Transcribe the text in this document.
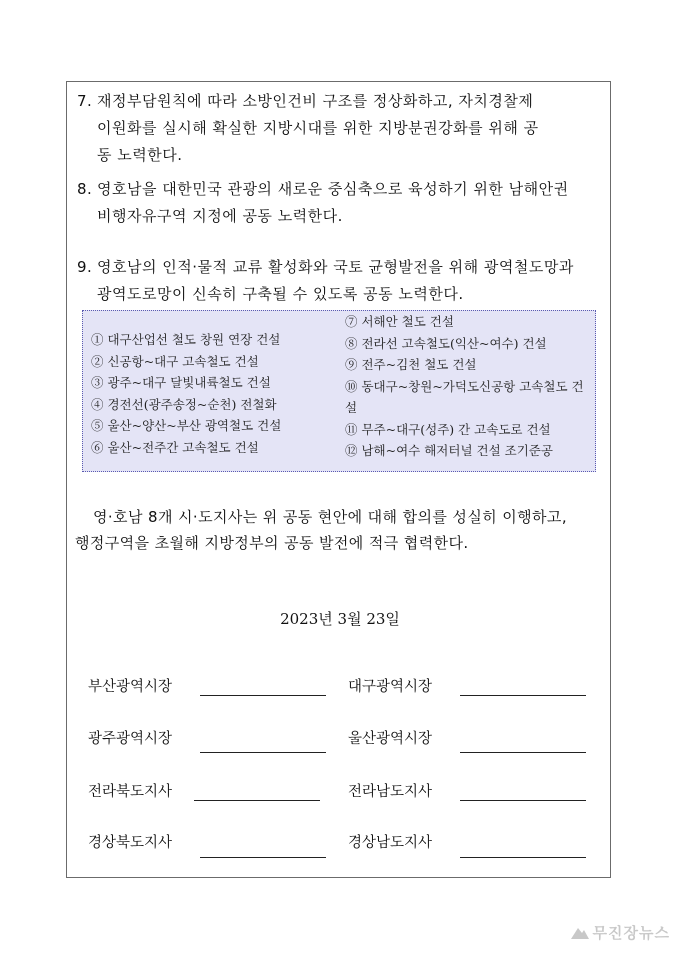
7. 재정부담원칙에 따라 소방인건비 구조를 정상화하고, 자치경찰제
이원화를 실시해 확실한 지방시대를 위한 지방분권강화를 위해 공
동 노력한다.
8. 영호남을 대한민국 관광의 새로운 중심축으로 육성하기 위한 남해안권
비행자유구역 지정에 공동 노력한다.
9. 영호남의 인적·물적 교류 활성화와 국토 균형발전을 위해 광역철도망과
광역도로망이 신속히 구축될 수 있도록 공동 노력한다.
① 대구산업선 철도 창원 연장 건설
② 신공항~대구 고속철도 건설
③ 광주~대구 달빛내륙철도 건설
④ 경전선(광주송정~순천) 전철화
⑤ 울산~양산~부산 광역철도 건설
⑥ 울산~전주간 고속철도 건설
⑦ 서해안 철도 건설
⑧ 전라선 고속철도(익산~여수) 건설
⑨ 전주~김천 철도 건설
⑩ 동대구~창원~가덕도신공항 고속철도 건설
⑪ 무주~대구(성주) 간 고속도로 건설
⑫ 남해~여수 해저터널 건설 조기준공
영·호남 8개 시·도지사는 위 공동 현안에 대해 합의를 성실히 이행하고,
행정구역을 초월해 지방정부의 공동 발전에 적극 협력한다.
2023년 3월 23일
부산광역시장	대구광역시장
광주광역시장	울산광역시장
전라북도지사	전라남도지사
경상북도지사	경상남도지사
무진장뉴스
